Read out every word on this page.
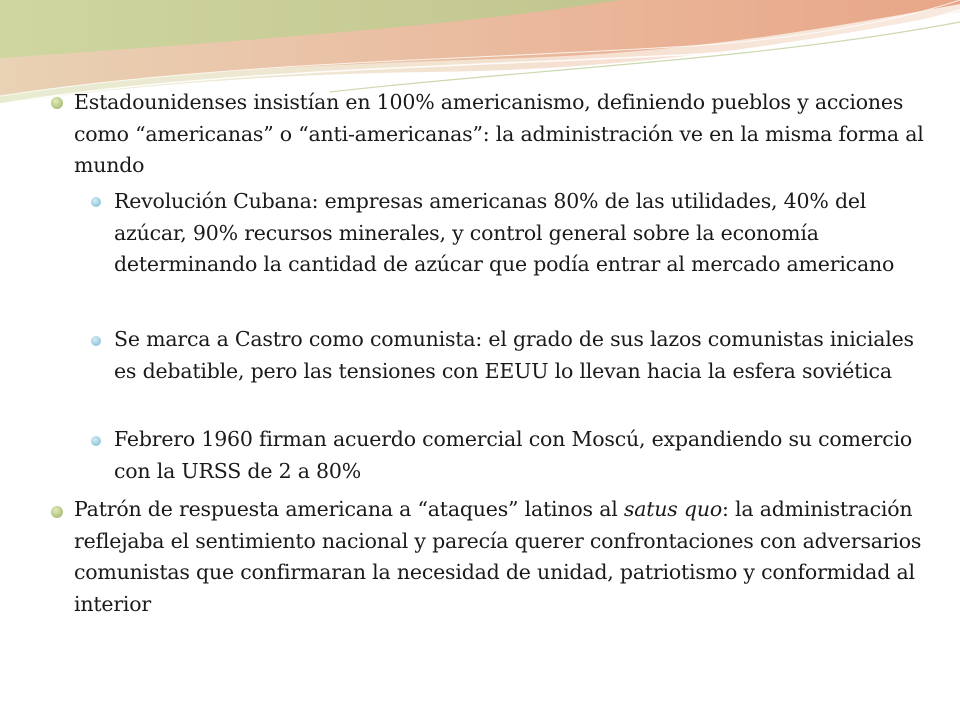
Estadounidenses insistían en 100% americanismo, definiendo pueblos y acciones como “americanas” o “anti-americanas”: la administración ve en la misma forma al mundo

Revolución Cubana: empresas americanas 80% de las utilidades, 40% del azúcar, 90% recursos minerales, y control general sobre la economía determinando la cantidad de azúcar que podía entrar al mercado americano

Se marca a Castro como comunista: el grado de sus lazos comunistas iniciales es debatible, pero las tensiones con EEUU lo llevan hacia la esfera soviética

Febrero 1960 firman acuerdo comercial con Moscú, expandiendo su comercio con la URSS de 2 a 80%

Patrón de respuesta americana a “ataques” latinos al satus quo: la administración reflejaba el sentimiento nacional y parecía querer confrontaciones con adversarios comunistas que confirmaran la necesidad de unidad, patriotismo y conformidad al interior
